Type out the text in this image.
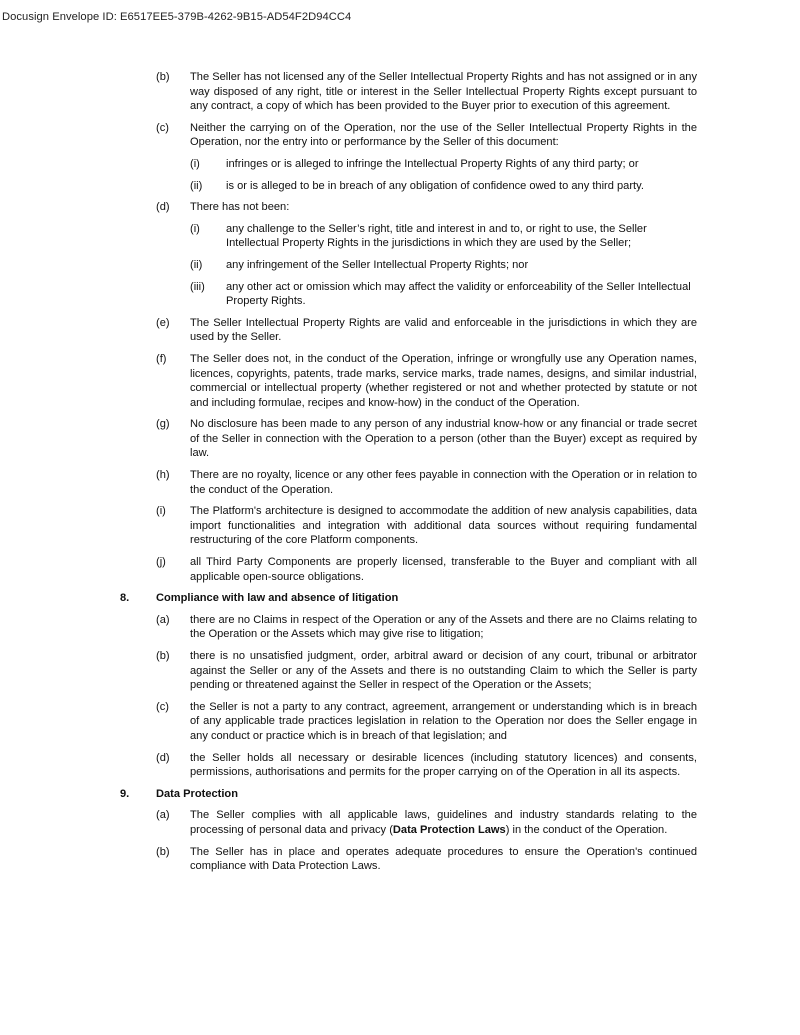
Docusign Envelope ID: E6517EE5-379B-4262-9B15-AD54F2D94CC4
(b) The Seller has not licensed any of the Seller Intellectual Property Rights and has not assigned or in any way disposed of any right, title or interest in the Seller Intellectual Property Rights except pursuant to any contract, a copy of which has been provided to the Buyer prior to execution of this agreement.
(c) Neither the carrying on of the Operation, nor the use of the Seller Intellectual Property Rights in the Operation, nor the entry into or performance by the Seller of this document:
(i) infringes or is alleged to infringe the Intellectual Property Rights of any third party; or
(ii) is or is alleged to be in breach of any obligation of confidence owed to any third party.
(d) There has not been:
(i) any challenge to the Seller’s right, title and interest in and to, or right to use, the Seller Intellectual Property Rights in the jurisdictions in which they are used by the Seller;
(ii) any infringement of the Seller Intellectual Property Rights; nor
(iii) any other act or omission which may affect the validity or enforceability of the Seller Intellectual Property Rights.
(e) The Seller Intellectual Property Rights are valid and enforceable in the jurisdictions in which they are used by the Seller.
(f) The Seller does not, in the conduct of the Operation, infringe or wrongfully use any Operation names, licences, copyrights, patents, trade marks, service marks, trade names, designs, and similar industrial, commercial or intellectual property (whether registered or not and whether protected by statute or not and including formulae, recipes and know-how) in the conduct of the Operation.
(g) No disclosure has been made to any person of any industrial know-how or any financial or trade secret of the Seller in connection with the Operation to a person (other than the Buyer) except as required by law.
(h) There are no royalty, licence or any other fees payable in connection with the Operation or in relation to the conduct of the Operation.
(i) The Platform's architecture is designed to accommodate the addition of new analysis capabilities, data import functionalities and integration with additional data sources without requiring fundamental restructuring of the core Platform components.
(j) all Third Party Components are properly licensed, transferable to the Buyer and compliant with all applicable open-source obligations.
8. Compliance with law and absence of litigation
(a) there are no Claims in respect of the Operation or any of the Assets and there are no Claims relating to the Operation or the Assets which may give rise to litigation;
(b) there is no unsatisfied judgment, order, arbitral award or decision of any court, tribunal or arbitrator against the Seller or any of the Assets and there is no outstanding Claim to which the Seller is party pending or threatened against the Seller in respect of the Operation or the Assets;
(c) the Seller is not a party to any contract, agreement, arrangement or understanding which is in breach of any applicable trade practices legislation in relation to the Operation nor does the Seller engage in any conduct or practice which is in breach of that legislation; and
(d) the Seller holds all necessary or desirable licences (including statutory licences) and consents, permissions, authorisations and permits for the proper carrying on of the Operation in all its aspects.
9. Data Protection
(a) The Seller complies with all applicable laws, guidelines and industry standards relating to the processing of personal data and privacy (Data Protection Laws) in the conduct of the Operation.
(b) The Seller has in place and operates adequate procedures to ensure the Operation's continued compliance with Data Protection Laws.
